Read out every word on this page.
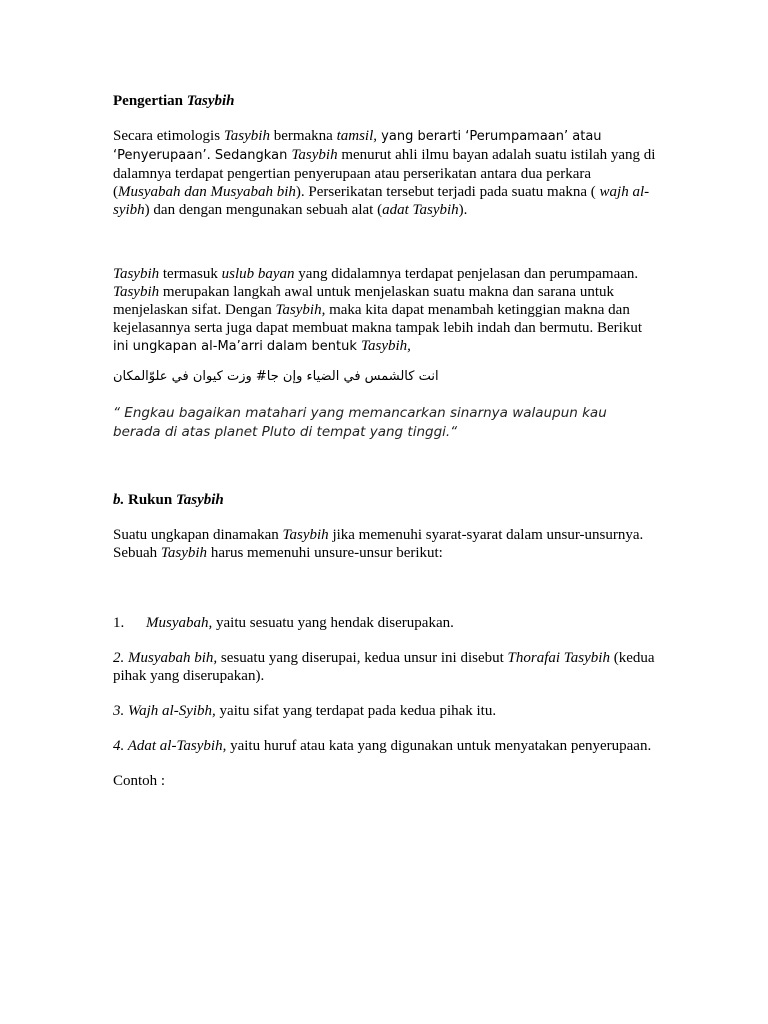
Pengertian Tasybih

Secara etimologis Tasybih bermakna tamsil, yang berarti ‘Perumpamaan’ atau
‘Penyerupaan’. Sedangkan Tasybih menurut ahli ilmu bayan adalah suatu istilah yang di dalamnya terdapat pengertian penyerupaan atau perserikatan antara dua perkara (Musyabah dan Musyabah bih). Perserikatan tersebut terjadi pada suatu makna ( wajh al-syibh) dan dengan mengunakan sebuah alat (adat Tasybih).

Tasybih termasuk uslub bayan yang didalamnya terdapat penjelasan dan perumpamaan. Tasybih merupakan langkah awal untuk menjelaskan suatu makna dan sarana untuk menjelaskan sifat. Dengan Tasybih, maka kita dapat menambah ketinggian makna dan kejelasannya serta juga dapat membuat makna tampak lebih indah dan bermutu. Berikut ini ungkapan al-Ma’arri dalam bentuk Tasybih,

انت كالشمس في الضياء وإن جا# وزت كيوان في علوّالمكان

“ Engkau bagaikan matahari yang memancarkan sinarnya walaupun kau berada di atas planet Pluto di tempat yang tinggi.“

b. Rukun Tasybih

Suatu ungkapan dinamakan Tasybih jika memenuhi syarat-syarat dalam unsur-unsurnya. Sebuah Tasybih harus memenuhi unsure-unsur berikut:

1. Musyabah, yaitu sesuatu yang hendak diserupakan.

2. Musyabah bih, sesuatu yang diserupai, kedua unsur ini disebut Thorafai Tasybih (kedua pihak yang diserupakan).

3. Wajh al-Syibh, yaitu sifat yang terdapat pada kedua pihak itu.

4. Adat al-Tasybih, yaitu huruf atau kata yang digunakan untuk menyatakan penyerupaan.

Contoh :
